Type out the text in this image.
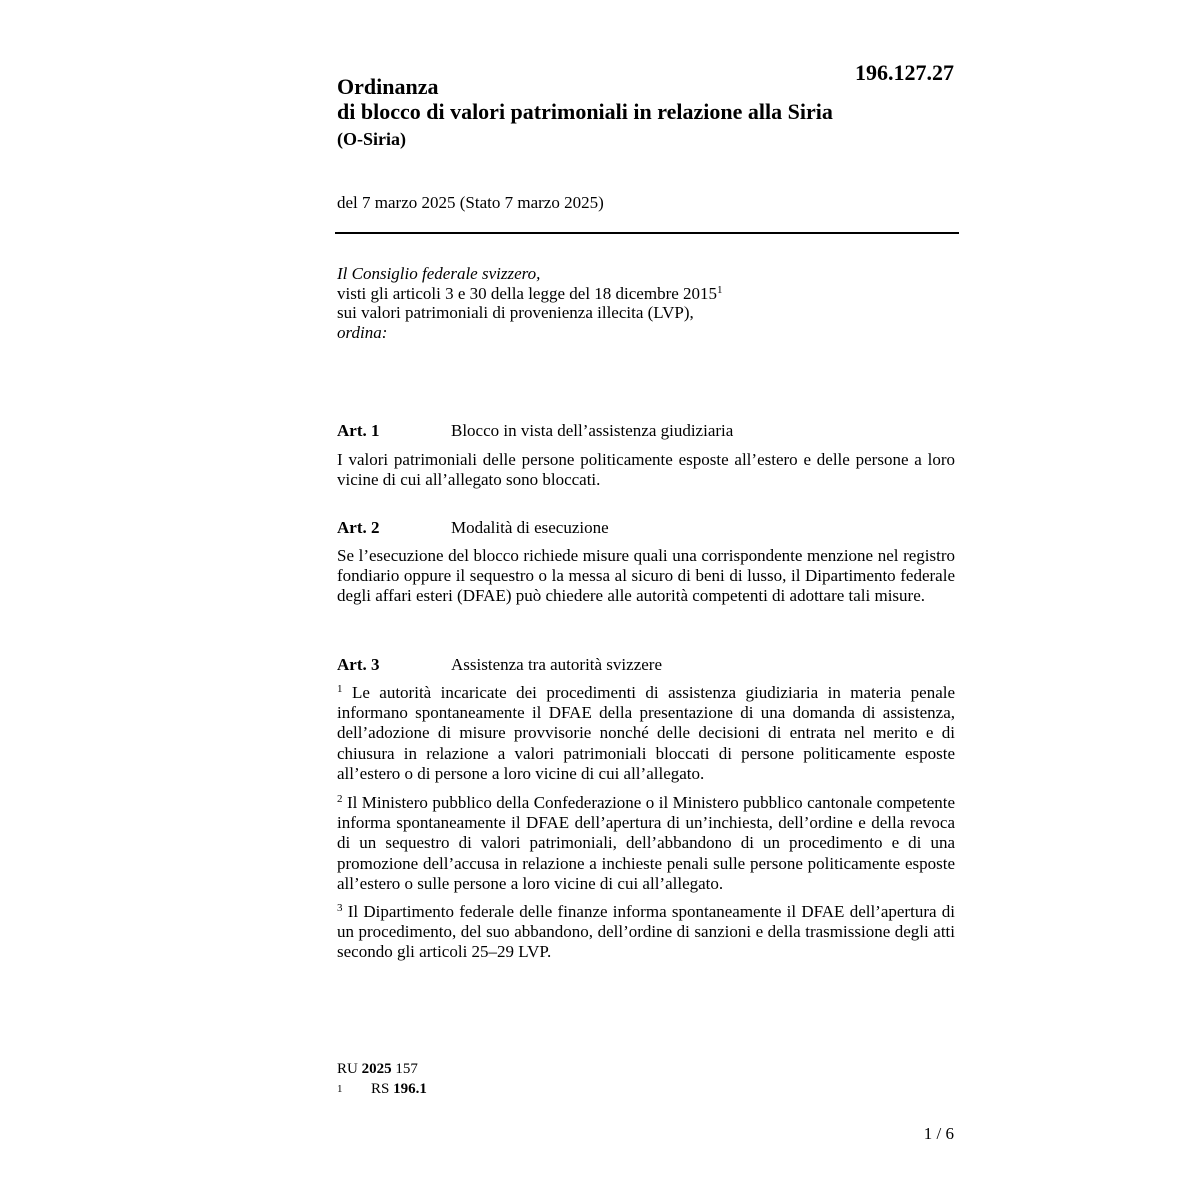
196.127.27
Ordinanza
di blocco di valori patrimoniali in relazione alla Siria
(O-Siria)
del 7 marzo 2025 (Stato 7 marzo 2025)
Il Consiglio federale svizzero,
visti gli articoli 3 e 30 della legge del 18 dicembre 2015$^1$
sui valori patrimoniali di provenienza illecita (LVP),
ordina:
Art. 1	Blocco in vista dell’assistenza giudiziaria

I valori patrimoniali delle persone politicamente esposte all’estero e delle persone a loro vicine di cui all’allegato sono bloccati.

Art. 2	Modalità di esecuzione

Se l’esecuzione del blocco richiede misure quali una corrispondente menzione nel registro fondiario oppure il sequestro o la messa al sicuro di beni di lusso, il Dipartimento federale degli affari esteri (DFAE) può chiedere alle autorità competenti di adottare tali misure.

Art. 3	Assistenza tra autorità svizzere

$^1$ Le autorità incaricate dei procedimenti di assistenza giudiziaria in materia penale informano spontaneamente il DFAE della presentazione di una domanda di assistenza, dell’adozione di misure provvisorie nonché delle decisioni di entrata nel merito e di chiusura in relazione a valori patrimoniali bloccati di persone politicamente esposte all’estero o di persone a loro vicine di cui all’allegato.

$^2$ Il Ministero pubblico della Confederazione o il Ministero pubblico cantonale competente informa spontaneamente il DFAE dell’apertura di un’inchiesta, dell’ordine e della revoca di un sequestro di valori patrimoniali, dell’abbandono di un procedimento e di una promozione dell’accusa in relazione a inchieste penali sulle persone politicamente esposte all’estero o sulle persone a loro vicine di cui all’allegato.

$^3$ Il Dipartimento federale delle finanze informa spontaneamente il DFAE dell’apertura di un procedimento, del suo abbandono, dell’ordine di sanzioni e della trasmissione degli atti secondo gli articoli 25–29 LVP.

RU 2025 157
1 RS 196.1
1 / 6
